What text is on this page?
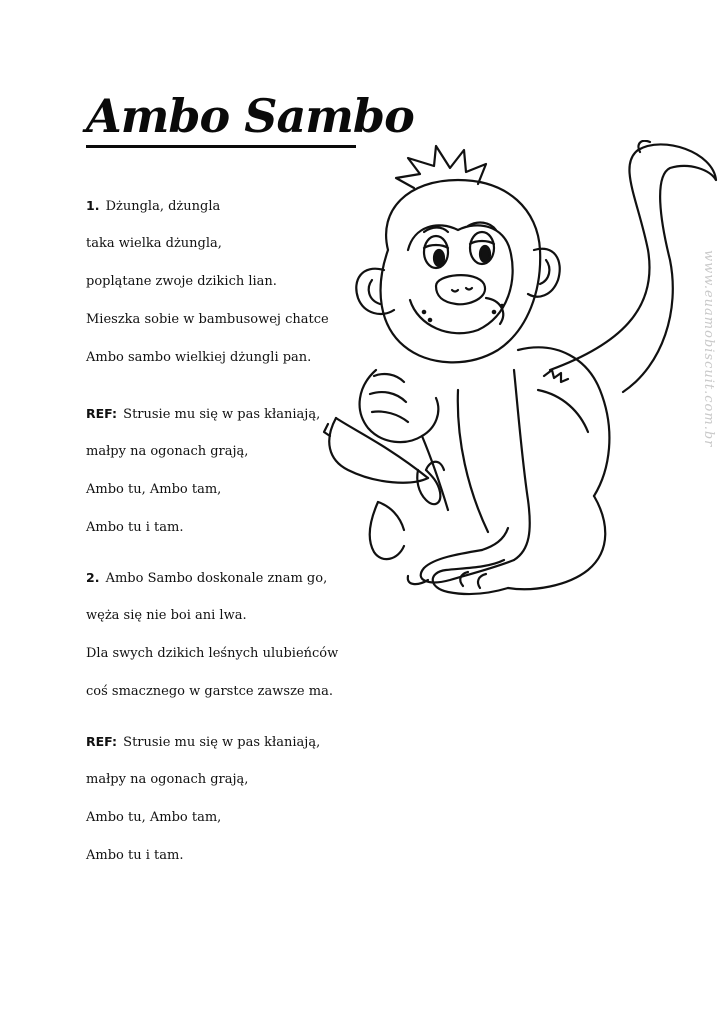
Ambo Sambo
1. Dżungla, dżungla
taka wielka dżungla,
poplątane zwoje dzikich lian.
Mieszka sobie w bambusowej chatce
Ambo sambo wielkiej dżungli pan.
REF: Strusie mu się w pas kłaniają,
małpy na ogonach grają,
Ambo tu, Ambo tam,
Ambo tu i tam.
2. Ambo Sambo doskonale znam go,
węża się nie boi ani lwa.
Dla swych dzikich leśnych ulubieńców
coś smacznego w garstce zawsze ma.
REF: Strusie mu się w pas kłaniają,
małpy na ogonach grają,
Ambo tu, Ambo tam,
Ambo tu i tam.
www.euamobiscuit.com.br
